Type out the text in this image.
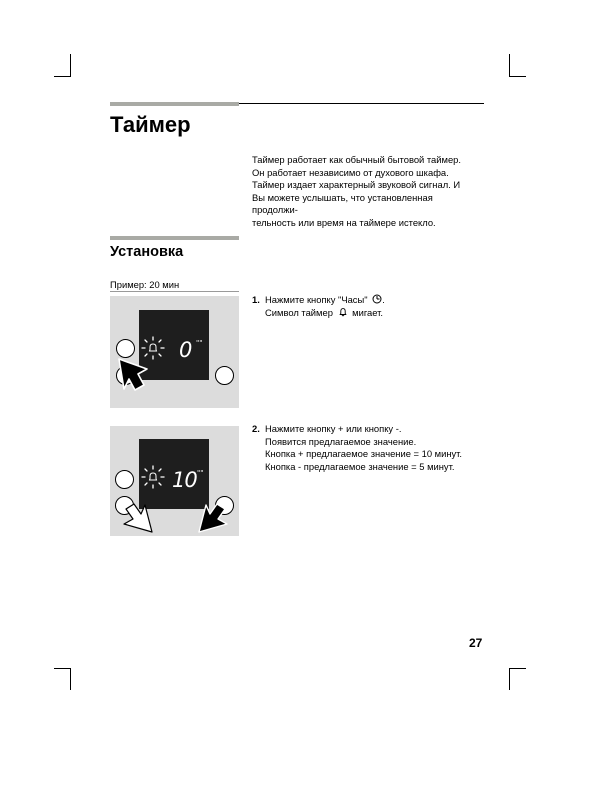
Таймер
Таймер работает как обычный бытовой таймер.
Он работает независимо от духового шкафа.
Таймер издает характерный звуковой сигнал. И
Вы можете услышать, что установленная продолжи-
тельность или время на таймере истекло.
Установка
Пример: 20 мин
1. Нажмите кнопку "Часы" .
Символ таймер мигает.
0 ""
2. Нажмите кнопку + или кнопку -.
Появится предлагаемое значение.
Кнопка + предлагаемое значение = 10 минут.
Кнопка - предлагаемое значение = 5 минут.
10 ""
27
